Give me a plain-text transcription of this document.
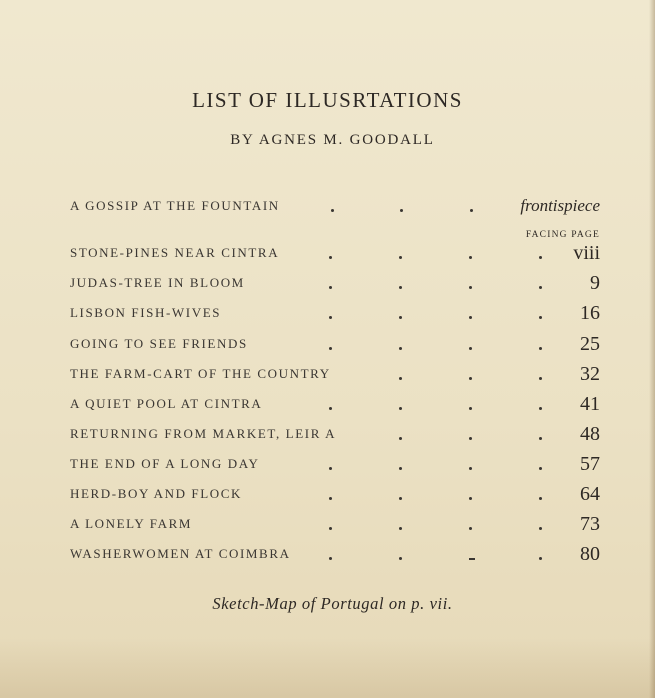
LIST OF ILLUSRTATIONS
BY AGNES M. GOODALL
A GOSSIP AT THE FOUNTAIN	frontispiece
FACING PAGE
STONE-PINES NEAR CINTRA	viii
JUDAS-TREE IN BLOOM	9
LISBON FISH-WIVES	16
GOING TO SEE FRIENDS	25
THE FARM-CART OF THE COUNTRY	32
A QUIET POOL AT CINTRA	41
RETURNING FROM MARKET, LEIR A	48
THE END OF A LONG DAY	57
HERD-BOY AND FLOCK	64
A LONELY FARM	73
WASHERWOMEN AT COIMBRA	80
Sketch-Map of Portugal on p. vii.
